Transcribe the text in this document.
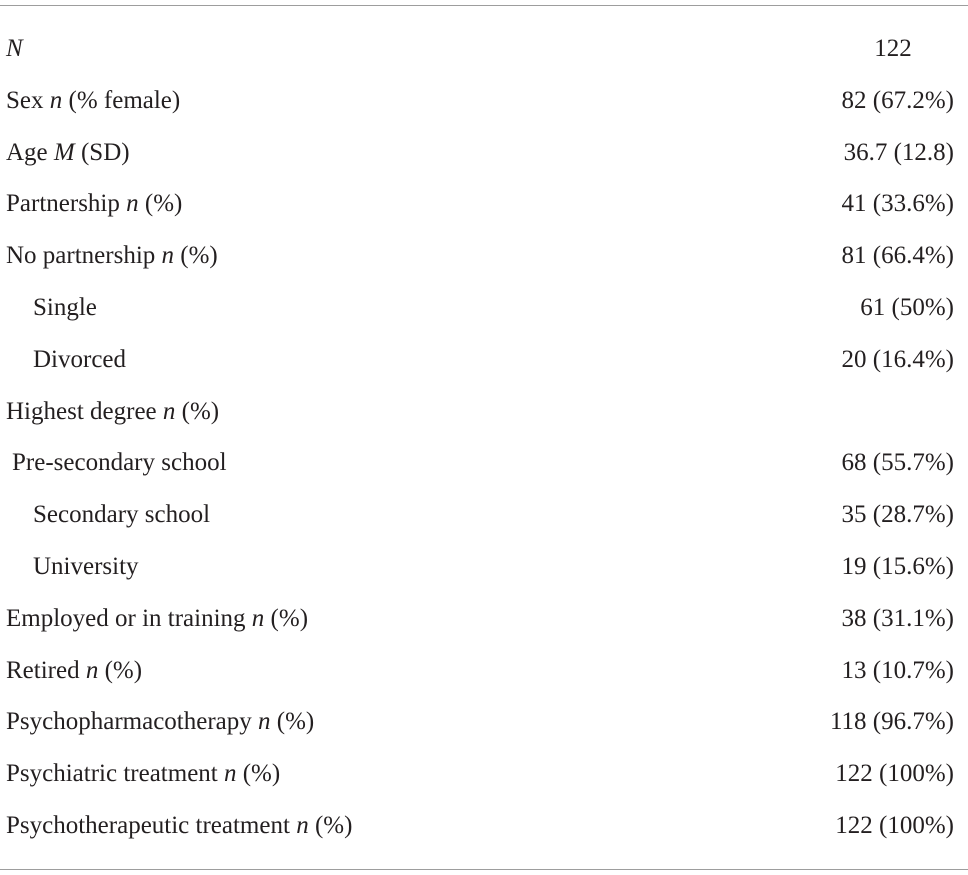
N	122
Sex n (% female)	82 (67.2%)
Age M (SD)	36.7 (12.8)
Partnership n (%)	41 (33.6%)
No partnership n (%)	81 (66.4%)
Single	61 (50%)
Divorced	20 (16.4%)
Highest degree n (%)
Pre-secondary school	68 (55.7%)
Secondary school	35 (28.7%)
University	19 (15.6%)
Employed or in training n (%)	38 (31.1%)
Retired n (%)	13 (10.7%)
Psychopharmacotherapy n (%)	118 (96.7%)
Psychiatric treatment n (%)	122 (100%)
Psychotherapeutic treatment n (%)	122 (100%)
